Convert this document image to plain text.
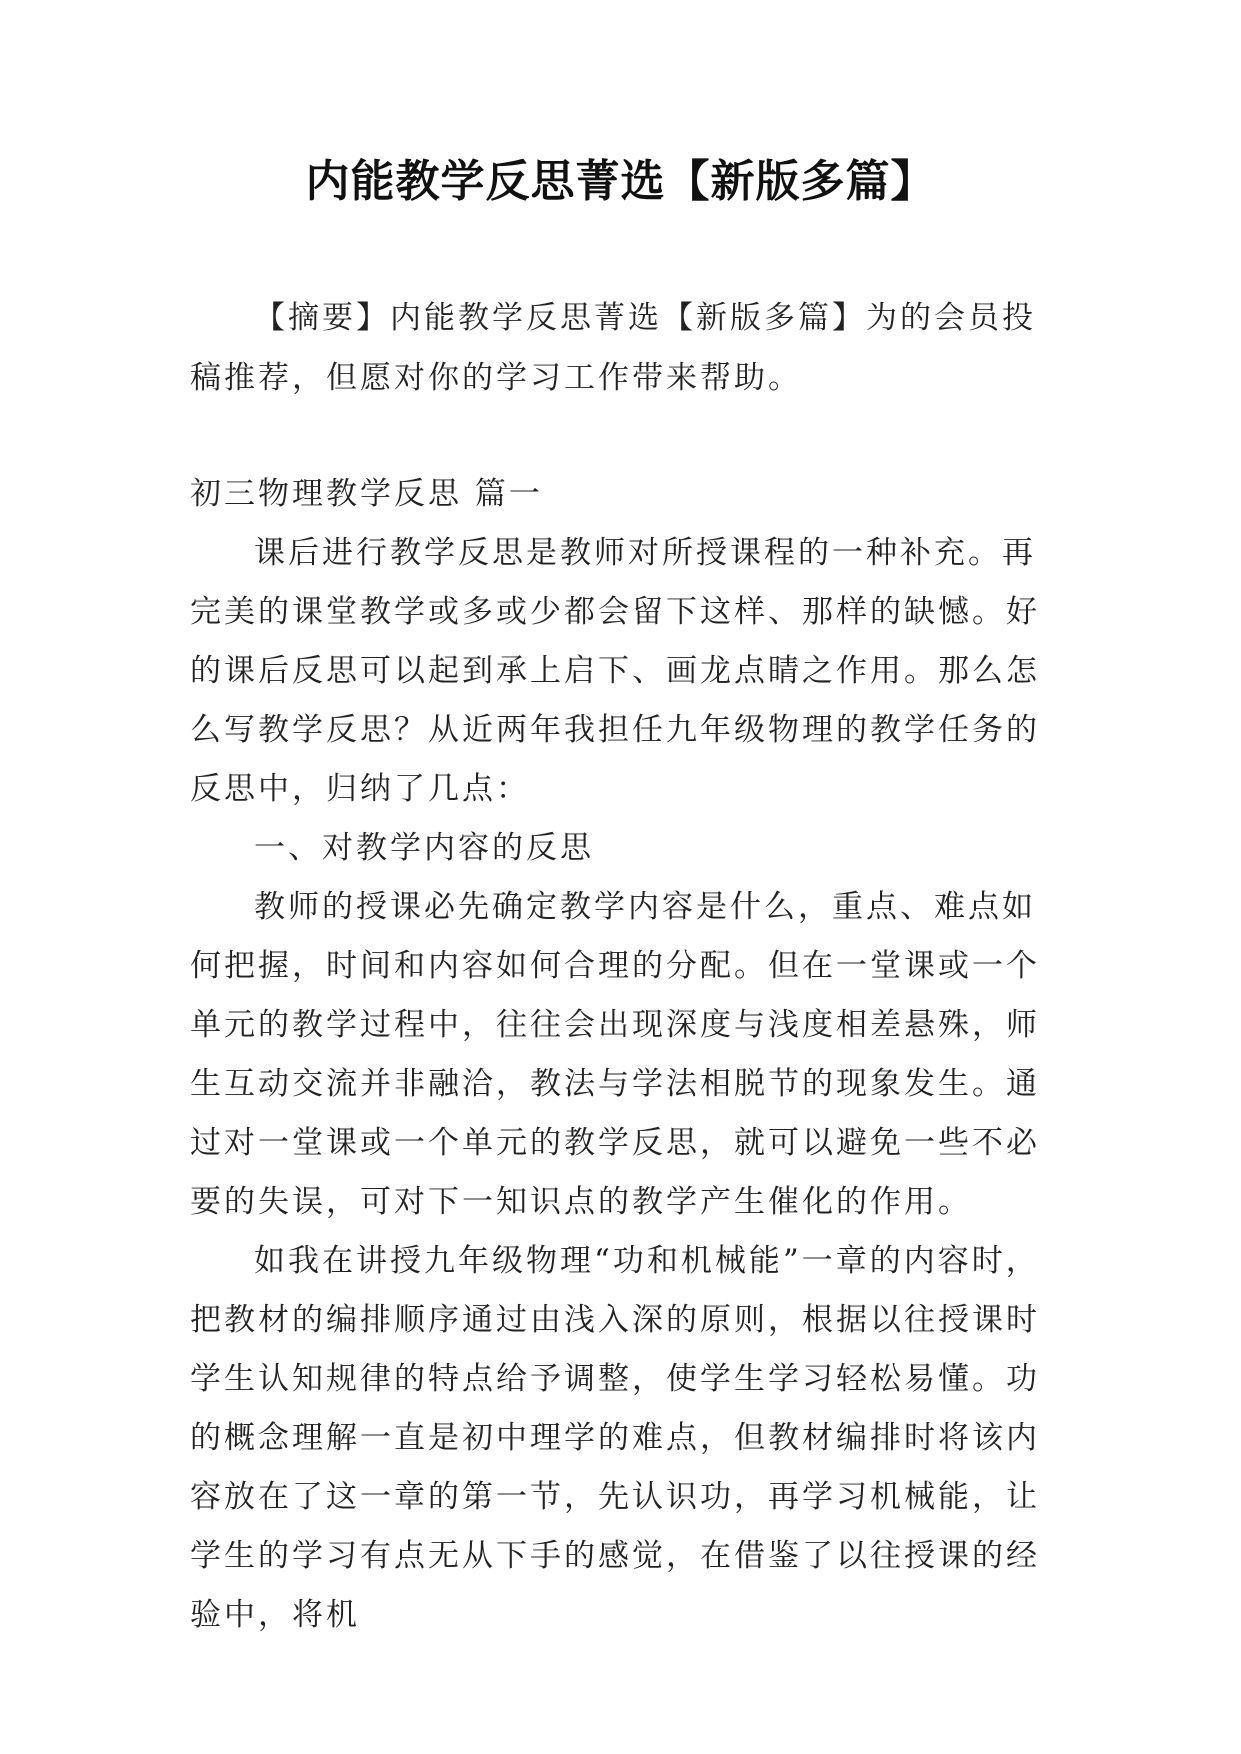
内能教学反思菁选【新版多篇】

【摘要】内能教学反思菁选【新版多篇】为的会员投稿推荐，但愿对你的学习工作带来帮助。

初三物理教学反思 篇一

课后进行教学反思是教师对所授课程的一种补充。再完美的课堂教学或多或少都会留下这样、那样的缺憾。好的课后反思可以起到承上启下、画龙点睛之作用。那么怎么写教学反思？从近两年我担任九年级物理的教学任务的反思中，归纳了几点：

一、对教学内容的反思

教师的授课必先确定教学内容是什么，重点、难点如何把握，时间和内容如何合理的分配。但在一堂课或一个单元的教学过程中，往往会出现深度与浅度相差悬殊，师生互动交流并非融洽，教法与学法相脱节的现象发生。通过对一堂课或一个单元的教学反思，就可以避免一些不必要的失误，可对下一知识点的教学产生催化的作用。

如我在讲授九年级物理“功和机械能”一章的内容时，把教材的编排顺序通过由浅入深的原则，根据以往授课时学生认知规律的特点给予调整，使学生学习轻松易懂。功的概念理解一直是初中理学的难点，但教材编排时将该内容放在了这一章的第一节，先认识功，再学习机械能，让学生的学习有点无从下手的感觉，在借鉴了以往授课的经验中，将机
